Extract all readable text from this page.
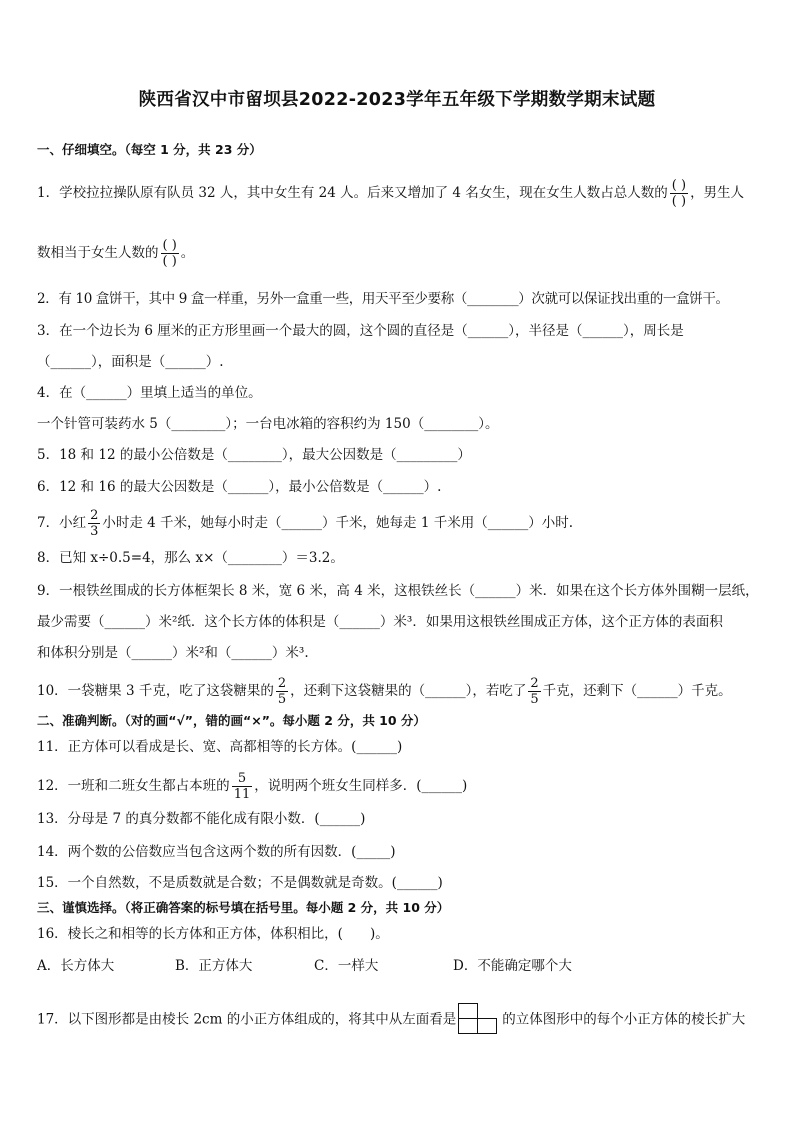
陕西省汉中市留坝县2022-2023学年五年级下学期数学期末试题
一、仔细填空。（每空 1 分，共 23 分）
1．学校拉拉操队原有队员 32 人，其中女生有 24 人。后来又增加了 4 名女生，现在女生人数占总人数的 $\frac{( )}{( )}$ ，男生人
数相当于女生人数的 $\frac{( )}{( )}$ 。
2．有 10 盒饼干，其中 9 盒一样重，另外一盒重一些，用天平至少要称（________）次就可以保证找出重的一盒饼干。
3．在一个边长为 6 厘米的正方形里画一个最大的圆，这个圆的直径是（______），半径是（______），周长是
（______），面积是（______）.
4．在（______）里填上适当的单位。
一个针管可装药水 5（________）；一台电冰箱的容积约为 150（________）。
5．18 和 12 的最小公倍数是（________），最大公因数是（_________）
6．12 和 16 的最大公因数是（______），最小公倍数是（______）.
7．小红 $\frac{2}{3}$ 小时走 4 千米，她每小时走（______）千米，她每走 1 千米用（______）小时.
8．已知 x÷0.5=4，那么 x×（________）＝3.2。
9．一根铁丝围成的长方体框架长 8 米，宽 6 米，高 4 米，这根铁丝长（______）米．如果在这个长方体外围糊一层纸，
最少需要（______）米²纸．这个长方体的体积是（______）米³．如果用这根铁丝围成正方体，这个正方体的表面积
和体积分别是（______）米²和（______）米³.
10．一袋糖果 3 千克，吃了这袋糖果的 $\frac{2}{5}$ ，还剩下这袋糖果的（______），若吃了 $\frac{2}{5}$ 千克，还剩下（______）千克。
二、准确判断。（对的画“√”，错的画“×”。每小题 2 分，共 10 分）
11．正方体可以看成是长、宽、高都相等的长方体。(______)
12．一班和二班女生都占本班的 $\frac{5}{11}$ ，说明两个班女生同样多．(______)
13．分母是 7 的真分数都不能化成有限小数．(______)
14．两个数的公倍数应当包含这两个数的所有因数．(_____)
15．一个自然数，不是质数就是合数；不是偶数就是奇数。(______)
三、谨慎选择。（将正确答案的标号填在括号里。每小题 2 分，共 10 分）
16．棱长之和相等的长方体和正方体，体积相比，(　　)。
A．长方体大	B．正方体大	C．一样大	D．不能确定哪个大
17．以下图形都是由棱长 2cm 的小正方体组成的，将其中从左面看是	的立体图形中的每个小正方体的棱长扩大
